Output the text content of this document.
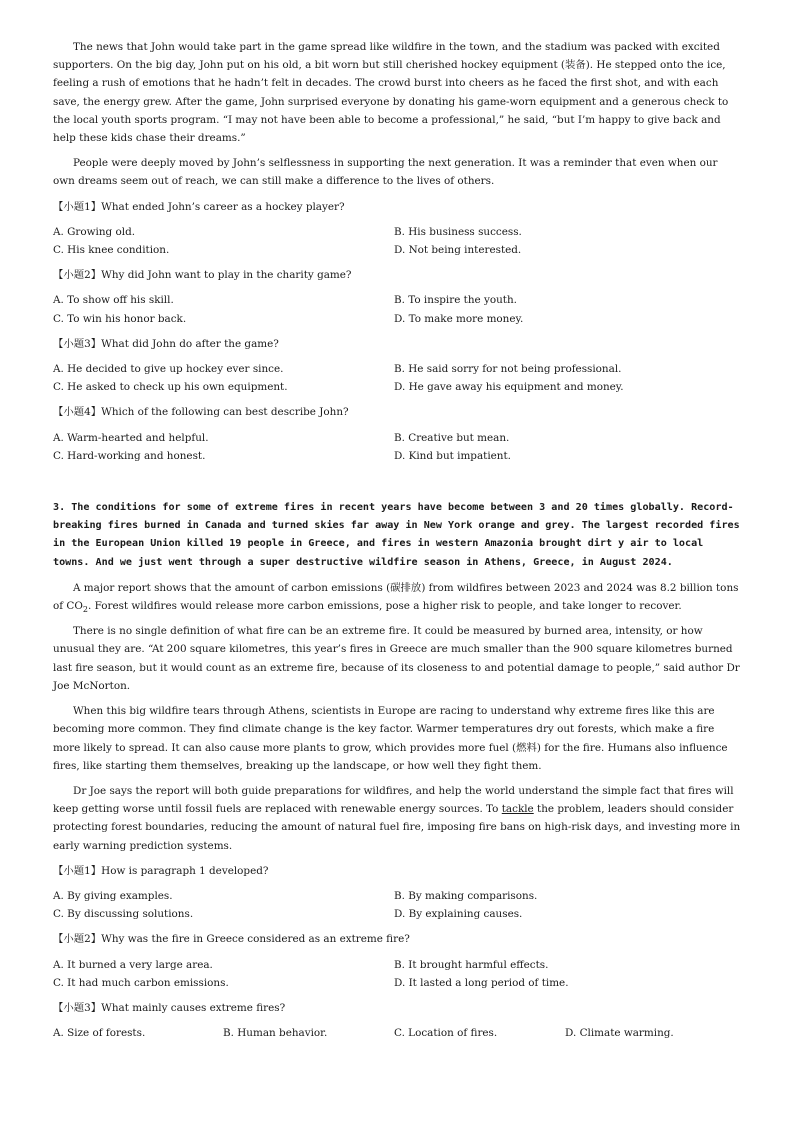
The news that John would take part in the game spread like wildfire in the town, and the stadium was packed with excited supporters. On the big day, John put on his old, a bit worn but still cherished hockey equipment (装备). He stepped onto the ice, feeling a rush of emotions that he hadn’t felt in decades. The crowd burst into cheers as he faced the first shot, and with each save, the energy grew. After the game, John surprised everyone by donating his game-worn equipment and a generous check to the local youth sports program. “I may not have been able to become a professional,” he said, “but I’m happy to give back and help these kids chase their dreams.”

People were deeply moved by John’s selflessness in supporting the next generation. It was a reminder that even when our own dreams seem out of reach, we can still make a difference to the lives of others.

【小题1】What ended John’s career as a hockey player?

A. Growing old.	B. His business success.
C. His knee condition.	D. Not being interested.

【小题2】Why did John want to play in the charity game?

A. To show off his skill.	B. To inspire the youth.
C. To win his honor back.	D. To make more money.

【小题3】What did John do after the game?

A. He decided to give up hockey ever since.	B. He said sorry for not being professional.
C. He asked to check up his own equipment.	D. He gave away his equipment and money.

【小题4】Which of the following can best describe John?

A. Warm-hearted and helpful.	B. Creative but mean.
C. Hard-working and honest.	D. Kind but impatient.

3. The conditions for some of extreme fires in recent years have become between 3 and 20 times globally. Record-breaking fires burned in Canada and turned skies far away in New York orange and grey. The largest recorded fires in the European Union killed 19 people in Greece, and fires in western Amazonia brought dirt y air to local towns. And we just went through a super destructive wildfire season in Athens, Greece, in August 2024.

A major report shows that the amount of carbon emissions (碳排放) from wildfires between 2023 and 2024 was 8.2 billion tons of $CO_2$. Forest wildfires would release more carbon emissions, pose a higher risk to people, and take longer to recover.

There is no single definition of what fire can be an extreme fire. It could be measured by burned area, intensity, or how unusual they are. “At 200 square kilometres, this year’s fires in Greece are much smaller than the 900 square kilometres burned last fire season, but it would count as an extreme fire, because of its closeness to and potential damage to people,” said author Dr Joe McNorton.

When this big wildfire tears through Athens, scientists in Europe are racing to understand why extreme fires like this are becoming more common. They find climate change is the key factor. Warmer temperatures dry out forests, which make a fire more likely to spread. It can also cause more plants to grow, which provides more fuel (燃料) for the fire. Humans also influence fires, like starting them themselves, breaking up the landscape, or how well they fight them.

Dr Joe says the report will both guide preparations for wildfires, and help the world understand the simple fact that fires will keep getting worse until fossil fuels are replaced with renewable energy sources. To tackle the problem, leaders should consider protecting forest boundaries, reducing the amount of natural fuel fire, imposing fire bans on high-risk days, and investing more in early warning prediction systems.

【小题1】How is paragraph 1 developed?

A. By giving examples.	B. By making comparisons.
C. By discussing solutions.	D. By explaining causes.

【小题2】Why was the fire in Greece considered as an extreme fire?

A. It burned a very large area.	B. It brought harmful effects.
C. It had much carbon emissions.	D. It lasted a long period of time.

【小题3】What mainly causes extreme fires?

A. Size of forests.	B. Human behavior.	C. Location of fires.	D. Climate warming.
